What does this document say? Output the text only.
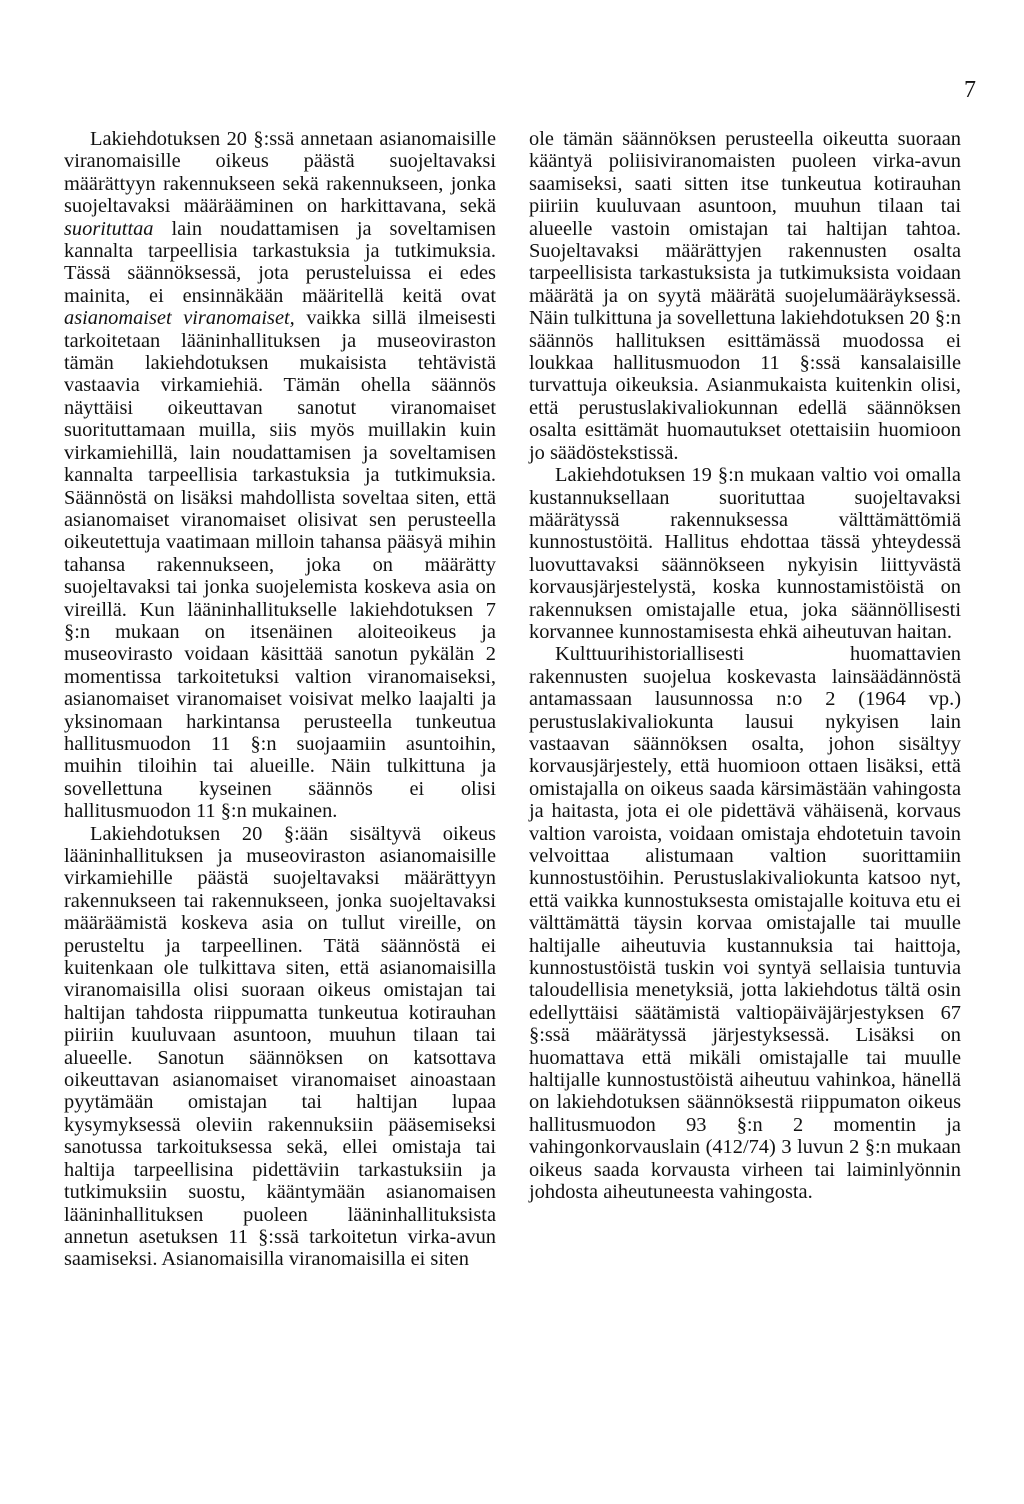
7

Lakiehdotuksen 20 §:ssä annetaan asianomaisille viranomaisille oikeus päästä suojeltavaksi määrättyyn rakennukseen sekä rakennukseen, jonka suojeltavaksi määrääminen on harkittavana, sekä suorituttaa lain noudattamisen ja soveltamisen kannalta tarpeellisia tarkastuksia ja tutkimuksia. Tässä säännöksessä, jota perusteluissa ei edes mainita, ei ensinnäkään määritellä keitä ovat asianomaiset viranomaiset, vaikka sillä ilmeisesti tarkoitetaan lääninhallituksen ja museoviraston tämän lakiehdotuksen mukaisista tehtävistä vastaavia virkamiehiä. Tämän ohella säännös näyttäisi oikeuttavan sanotut viranomaiset suorituttamaan muilla, siis myös muillakin kuin virkamiehillä, lain noudattamisen ja soveltamisen kannalta tarpeellisia tarkastuksia ja tutkimuksia. Säännöstä on lisäksi mahdollista soveltaa siten, että asianomaiset viranomaiset olisivat sen perusteella oikeutettuja vaatimaan milloin tahansa pääsyä mihin tahansa rakennukseen, joka on määrätty suojeltavaksi tai jonka suojelemista koskeva asia on vireillä. Kun lääninhallitukselle lakiehdotuksen 7 §:n mukaan on itsenäinen aloiteoikeus ja museovirasto voidaan käsittää sanotun pykälän 2 momentissa tarkoitetuksi valtion viranomaiseksi, asianomaiset viranomaiset voisivat melko laajalti ja yksinomaan harkintansa perusteella tunkeutua hallitusmuodon 11 §:n suojaamiin asuntoihin, muihin tiloihin tai alueille. Näin tulkittuna ja sovellettuna kyseinen säännös ei olisi hallitusmuodon 11 §:n mukainen.

Lakiehdotuksen 20 §:ään sisältyvä oikeus lääninhallituksen ja museoviraston asianomaisille virkamiehille päästä suojeltavaksi määrättyyn rakennukseen tai rakennukseen, jonka suojeltavaksi määräämistä koskeva asia on tullut vireille, on perusteltu ja tarpeellinen. Tätä säännöstä ei kuitenkaan ole tulkittava siten, että asianomaisilla viranomaisilla olisi suoraan oikeus omistajan tai haltijan tahdosta riippumatta tunkeutua kotirauhan piiriin kuuluvaan asuntoon, muuhun tilaan tai alueelle. Sanotun säännöksen on katsottava oikeuttavan asianomaiset viranomaiset ainoastaan pyytämään omistajan tai haltijan lupaa kysymyksessä oleviin rakennuksiin pääsemiseksi sanotussa tarkoituksessa sekä, ellei omistaja tai haltija tarpeellisina pidettäviin tarkastuksiin ja tutkimuksiin suostu, kääntymään asianomaisen lääninhallituksen puoleen lääninhallituksista annetun asetuksen 11 §:ssä tarkoitetun virka-avun saamiseksi. Asianomaisilla viranomaisilla ei siten

ole tämän säännöksen perusteella oikeutta suoraan kääntyä poliisiviranomaisten puoleen virka-avun saamiseksi, saati sitten itse tunkeutua kotirauhan piiriin kuuluvaan asuntoon, muuhun tilaan tai alueelle vastoin omistajan tai haltijan tahtoa. Suojeltavaksi määrättyjen rakennusten osalta tarpeellisista tarkastuksista ja tutkimuksista voidaan määrätä ja on syytä määrätä suojelumääräyksessä. Näin tulkittuna ja sovellettuna lakiehdotuksen 20 §:n säännös hallituksen esittämässä muodossa ei loukkaa hallitusmuodon 11 §:ssä kansalaisille turvattuja oikeuksia. Asianmukaista kuitenkin olisi, että perustuslakivaliokunnan edellä säännöksen osalta esittämät huomautukset otettaisiin huomioon jo säädöstekstissä.

Lakiehdotuksen 19 §:n mukaan valtio voi omalla kustannuksellaan suorituttaa suojeltavaksi määrätyssä rakennuksessa välttämättömiä kunnostustöitä. Hallitus ehdottaa tässä yhteydessä luovuttavaksi säännökseen nykyisin liittyvästä korvausjärjestelystä, koska kunnostamistöistä on rakennuksen omistajalle etua, joka säännöllisesti korvannee kunnostamisesta ehkä aiheutuvan haitan.

Kulttuurihistoriallisesti huomattavien rakennusten suojelua koskevasta lainsäädännöstä antamassaan lausunnossa n:o 2 (1964 vp.) perustuslakivaliokunta lausui nykyisen lain vastaavan säännöksen osalta, johon sisältyy korvausjärjestely, että huomioon ottaen lisäksi, että omistajalla on oikeus saada kärsimästään vahingosta ja haitasta, jota ei ole pidettävä vähäisenä, korvaus valtion varoista, voidaan omistaja ehdotetuin tavoin velvoittaa alistumaan valtion suorittamiin kunnostustöihin. Perustuslakivaliokunta katsoo nyt, että vaikka kunnostuksesta omistajalle koituva etu ei välttämättä täysin korvaa omistajalle tai muulle haltijalle aiheutuvia kustannuksia tai haittoja, kunnostustöistä tuskin voi syntyä sellaisia tuntuvia taloudellisia menetyksiä, jotta lakiehdotus tältä osin edellyttäisi säätämistä valtiopäiväjärjestyksen 67 §:ssä määrätyssä järjestyksessä. Lisäksi on huomattava että mikäli omistajalle tai muulle haltijalle kunnostustöistä aiheutuu vahinkoa, hänellä on lakiehdotuksen säännöksestä riippumaton oikeus hallitusmuodon 93 §:n 2 momentin ja vahingonkorvauslain (412/74) 3 luvun 2 §:n mukaan oikeus saada korvausta virheen tai laiminlyönnin johdosta aiheutuneesta vahingosta.
